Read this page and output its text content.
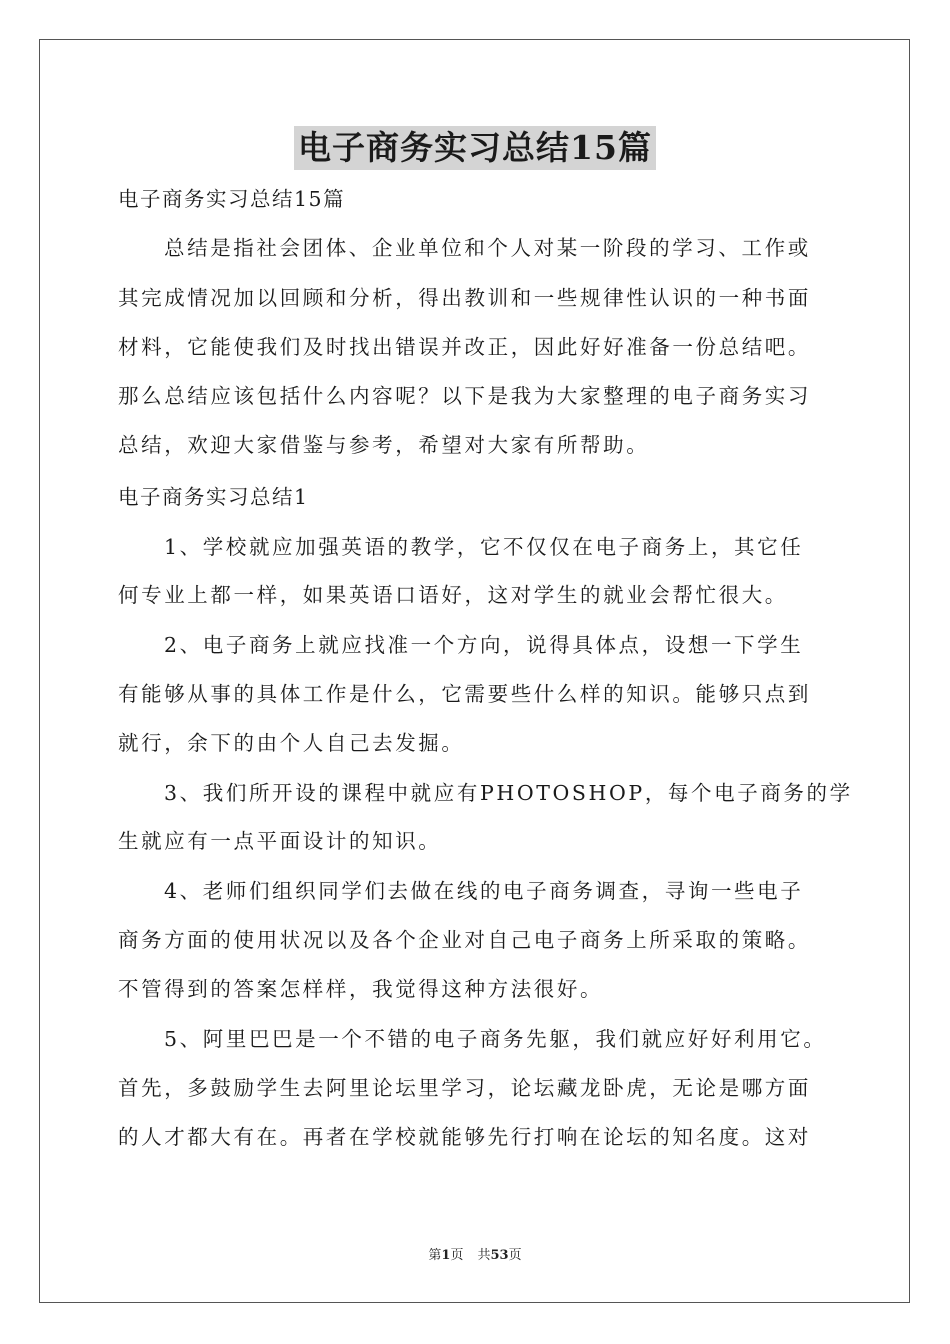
电子商务实习总结15篇
电子商务实习总结15篇
总结是指社会团体、企业单位和个人对某一阶段的学习、工作或
其完成情况加以回顾和分析，得出教训和一些规律性认识的一种书面
材料，它能使我们及时找出错误并改正，因此好好准备一份总结吧。
那么总结应该包括什么内容呢？以下是我为大家整理的电子商务实习
总结，欢迎大家借鉴与参考，希望对大家有所帮助。
电子商务实习总结1
1、学校就应加强英语的教学，它不仅仅在电子商务上，其它任
何专业上都一样，如果英语口语好，这对学生的就业会帮忙很大。
2、电子商务上就应找准一个方向，说得具体点，设想一下学生
有能够从事的具体工作是什么，它需要些什么样的知识。能够只点到
就行，余下的由个人自己去发掘。
3、我们所开设的课程中就应有PHOTOSHOP，每个电子商务的学
生就应有一点平面设计的知识。
4、老师们组织同学们去做在线的电子商务调查，寻询一些电子
商务方面的使用状况以及各个企业对自己电子商务上所采取的策略。
不管得到的答案怎样样，我觉得这种方法很好。
5、阿里巴巴是一个不错的电子商务先躯，我们就应好好利用它。
首先，多鼓励学生去阿里论坛里学习，论坛藏龙卧虎，无论是哪方面
的人才都大有在。再者在学校就能够先行打响在论坛的知名度。这对
第1页 共53页
